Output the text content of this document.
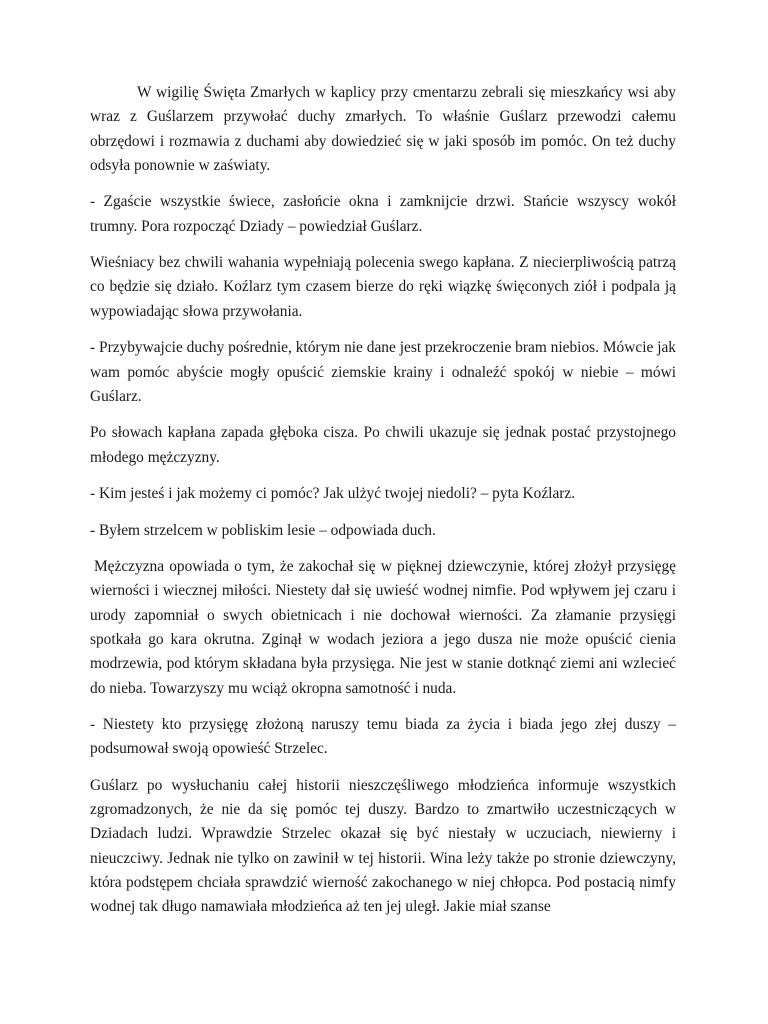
W wigilię Święta Zmarłych w kaplicy przy cmentarzu zebrali się mieszkańcy wsi aby wraz z Guślarzem przywołać duchy zmarłych. To właśnie Guślarz przewodzi całemu obrzędowi i rozmawia z duchami aby dowiedzieć się w jaki sposób im pomóc. On też duchy odsyła ponownie w zaświaty.

- Zgaście wszystkie świece, zasłońcie okna i zamknijcie drzwi. Stańcie wszyscy wokół trumny. Pora rozpocząć Dziady – powiedział Guślarz.

Wieśniacy bez chwili wahania wypełniają polecenia swego kapłana. Z niecierpliwością patrzą co będzie się działo. Koźlarz tym czasem bierze do ręki wiązkę święconych ziół i podpala ją wypowiadając słowa przywołania.

- Przybywajcie duchy pośrednie, którym nie dane jest przekroczenie bram niebios. Mówcie jak wam pomóc abyście mogły opuścić ziemskie krainy i odnaleźć spokój w niebie – mówi Guślarz.

Po słowach kapłana zapada głęboka cisza. Po chwili ukazuje się jednak postać przystojnego młodego mężczyzny.

- Kim jesteś i jak możemy ci pomóc? Jak ulżyć twojej niedoli? – pyta Koźlarz.

- Byłem strzelcem w pobliskim lesie – odpowiada duch.

Mężczyzna opowiada o tym, że zakochał się w pięknej dziewczynie, której złożył przysięgę wierności i wiecznej miłości. Niestety dał się uwieść wodnej nimfie. Pod wpływem jej czaru i urody zapomniał o swych obietnicach i nie dochował wierności. Za złamanie przysięgi spotkała go kara okrutna. Zginął w wodach jeziora a jego dusza nie może opuścić cienia modrzewia, pod którym składana była przysięga. Nie jest w stanie dotknąć ziemi ani wzlecieć do nieba. Towarzyszy mu wciąż okropna samotność i nuda.

- Niestety kto przysięgę złożoną naruszy temu biada za życia i biada jego złej duszy – podsumował swoją opowieść Strzelec.

Guślarz po wysłuchaniu całej historii nieszczęśliwego młodzieńca informuje wszystkich zgromadzonych, że nie da się pomóc tej duszy. Bardzo to zmartwiło uczestniczących w Dziadach ludzi. Wprawdzie Strzelec okazał się być niestały w uczuciach, niewierny i nieuczciwy. Jednak nie tylko on zawinił w tej historii. Wina leży także po stronie dziewczyny, która podstępem chciała sprawdzić wierność zakochanego w niej chłopca. Pod postacią nimfy wodnej tak długo namawiała młodzieńca aż ten jej uległ. Jakie miał szanse
